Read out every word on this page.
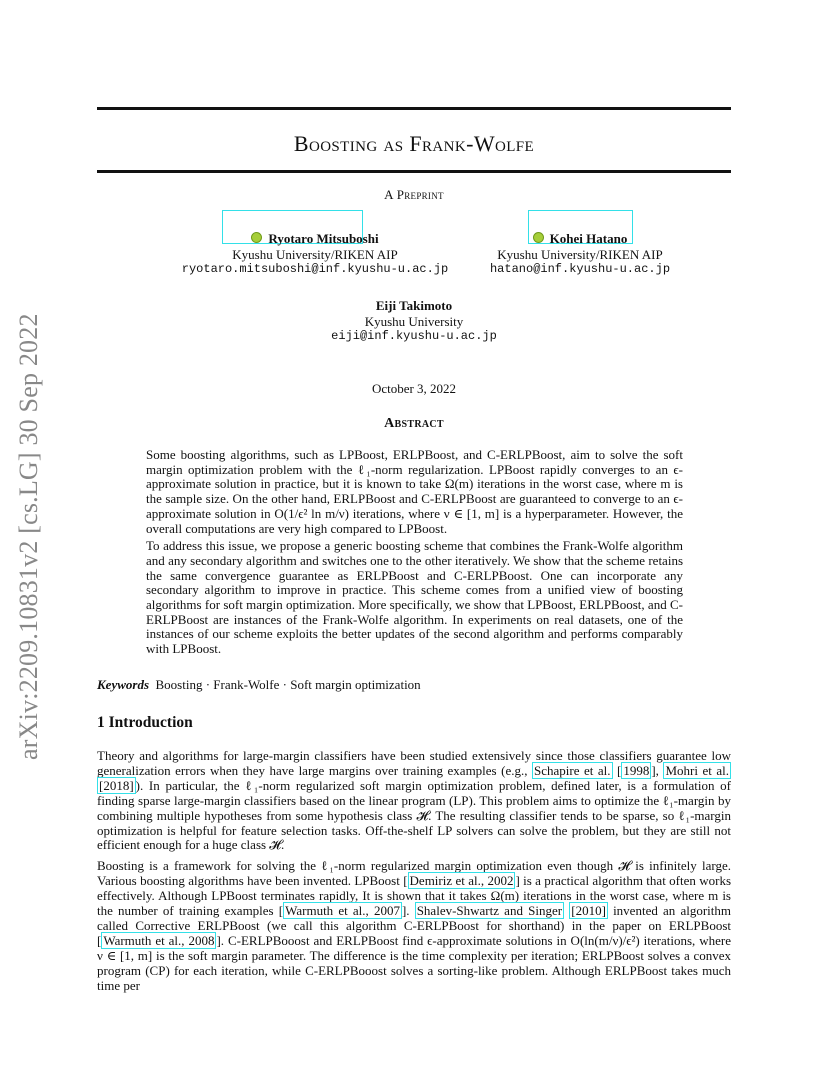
arXiv:2209.10831v2 [cs.LG] 30 Sep 2022
Boosting as Frank-Wolfe
A Preprint
Ryotaro Mitsuboshi
Kyushu University/RIKEN AIP
ryotaro.mitsuboshi@inf.kyushu-u.ac.jp
Kohei Hatano
Kyushu University/RIKEN AIP
hatano@inf.kyushu-u.ac.jp
Eiji Takimoto
Kyushu University
eiji@inf.kyushu-u.ac.jp
October 3, 2022
Abstract

Some boosting algorithms, such as LPBoost, ERLPBoost, and C-ERLPBoost, aim to solve the soft margin optimization problem with the ℓ₁-norm regularization. LPBoost rapidly converges to an ϵ-approximate solution in practice, but it is known to take Ω(m) iterations in the worst case, where m is the sample size. On the other hand, ERLPBoost and C-ERLPBoost are guaranteed to converge to an ϵ-approximate solution in O(1/ϵ² ln m/ν) iterations, where ν ∈ [1, m] is a hyperparameter. However, the overall computations are very high compared to LPBoost.

To address this issue, we propose a generic boosting scheme that combines the Frank-Wolfe algorithm and any secondary algorithm and switches one to the other iteratively. We show that the scheme retains the same convergence guarantee as ERLPBoost and C-ERLPBoost. One can incorporate any secondary algorithm to improve in practice. This scheme comes from a unified view of boosting algorithms for soft margin optimization. More specifically, we show that LPBoost, ERLPBoost, and C-ERLPBoost are instances of the Frank-Wolfe algorithm. In experiments on real datasets, one of the instances of our scheme exploits the better updates of the second algorithm and performs comparably with LPBoost.

Keywords Boosting · Frank-Wolfe · Soft margin optimization
1 Introduction

Theory and algorithms for large-margin classifiers have been studied extensively since those classifiers guarantee low generalization errors when they have large margins over training examples (e.g., Schapire et al. [ 1998 ], Mohri et al.[2018] ). In particular, the ℓ₁-norm regularized soft margin optimization problem, defined later, is a formulation of finding sparse large-margin classifiers based on the linear program (LP). This problem aims to optimize the ℓ₁-margin by combining multiple hypotheses from some hypothesis class 𝓗. The resulting classifier tends to be sparse, so ℓ₁-margin optimization is helpful for feature selection tasks. Off-the-shelf LP solvers can solve the problem, but they are still not efficient enough for a huge class 𝓗.

Boosting is a framework for solving the ℓ₁-norm regularized margin optimization even though 𝓗 is infinitely large. Various boosting algorithms have been invented. LPBoost [ Demiriz et al., 2002 ] is a practical algorithm that often works effectively. Although LPBoost terminates rapidly, It is shown that it takes Ω(m) iterations in the worst case, where m is the number of training examples [ Warmuth et al., 2007 ]. Shalev-Shwartz and Singer [2010] invented an algorithm called Corrective ERLPBoost (we call this algorithm C-ERLPBoost for shorthand) in the paper on ERLPBoost [ Warmuth et al., 2008 ]. C-ERLPBooost and ERLPBoost find ϵ-approximate solutions in O(ln(m/ν)/ϵ²) iterations, where ν ∈ [1, m] is the soft margin parameter. The difference is the time complexity per iteration; ERLPBoost solves a convex program (CP) for each iteration, while C-ERLPBooost solves a sorting-like problem. Although ERLPBoost takes much time per
